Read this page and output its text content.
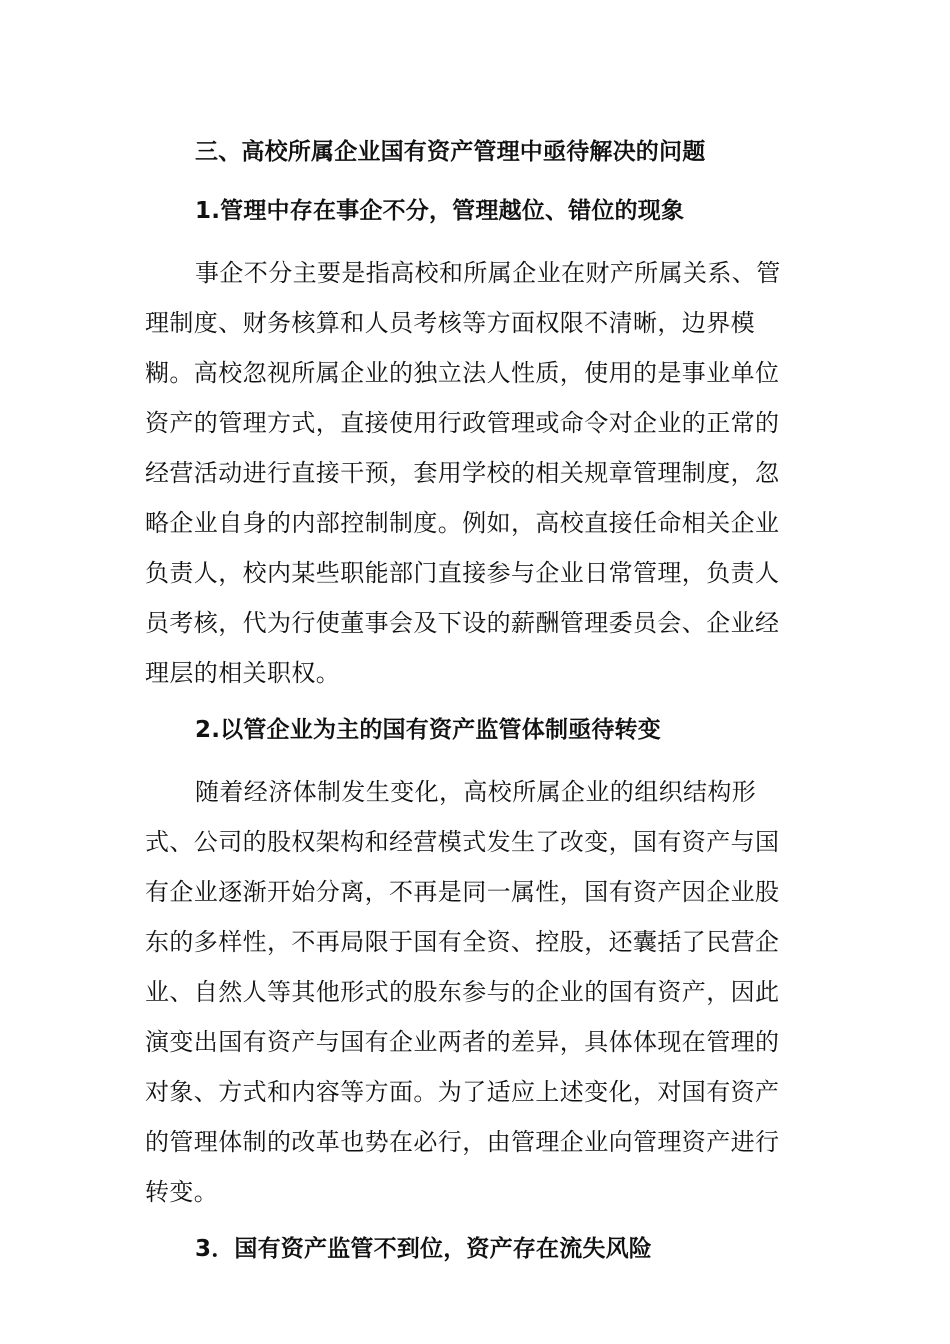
三、高校所属企业国有资产管理中亟待解决的问题
1.管理中存在事企不分，管理越位、错位的现象

事企不分主要是指高校和所属企业在财产所属关系、管理制度、财务核算和人员考核等方面权限不清晰，边界模糊。高校忽视所属企业的独立法人性质，使用的是事业单位资产的管理方式，直接使用行政管理或命令对企业的正常的经营活动进行直接干预，套用学校的相关规章管理制度，忽略企业自身的内部控制制度。例如，高校直接任命相关企业负责人，校内某些职能部门直接参与企业日常管理，负责人员考核，代为行使董事会及下设的薪酬管理委员会、企业经理层的相关职权。

2.以管企业为主的国有资产监管体制亟待转变

随着经济体制发生变化，高校所属企业的组织结构形式、公司的股权架构和经营模式发生了改变，国有资产与国有企业逐渐开始分离，不再是同一属性，国有资产因企业股东的多样性，不再局限于国有全资、控股，还囊括了民营企业、自然人等其他形式的股东参与的企业的国有资产，因此演变出国有资产与国有企业两者的差异，具体体现在管理的对象、方式和内容等方面。为了适应上述变化，对国有资产的管理体制的改革也势在必行，由管理企业向管理资产进行转变。

3．国有资产监管不到位，资产存在流失风险
